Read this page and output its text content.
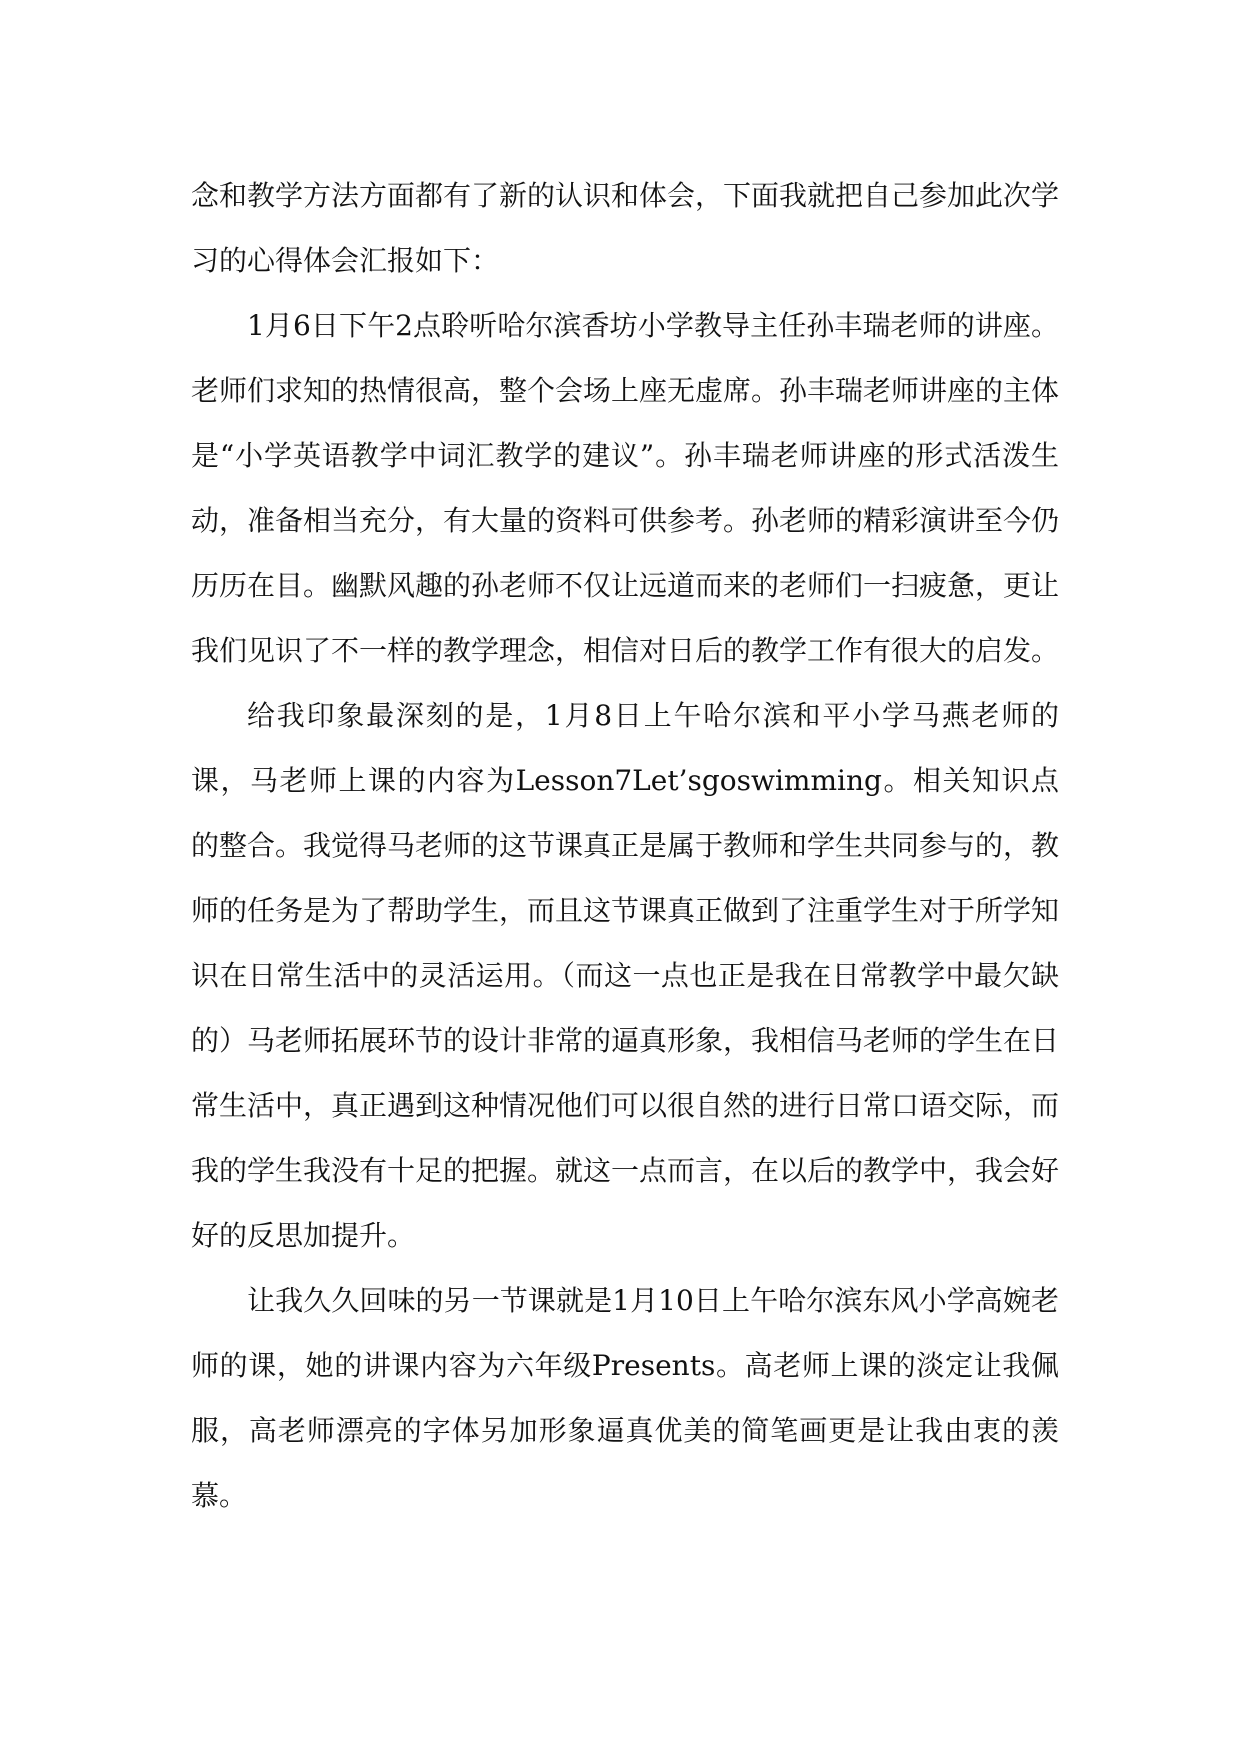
念和教学方法方面都有了新的认识和体会，下面我就把自己参加此次学习的心得体会汇报如下：

1月6日下午2点聆听哈尔滨香坊小学教导主任孙丰瑞老师的讲座。老师们求知的热情很高，整个会场上座无虚席。孙丰瑞老师讲座的主体是“小学英语教学中词汇教学的建议”。孙丰瑞老师讲座的形式活泼生动，准备相当充分，有大量的资料可供参考。孙老师的精彩演讲至今仍历历在目。幽默风趣的孙老师不仅让远道而来的老师们一扫疲惫，更让我们见识了不一样的教学理念，相信对日后的教学工作有很大的启发。

给我印象最深刻的是，1月8日上午哈尔滨和平小学马燕老师的课，马老师上课的内容为Lesson7Let’sgoswimming。相关知识点的整合。我觉得马老师的这节课真正是属于教师和学生共同参与的，教师的任务是为了帮助学生，而且这节课真正做到了注重学生对于所学知识在日常生活中的灵活运用。（而这一点也正是我在日常教学中最欠缺的）马老师拓展环节的设计非常的逼真形象，我相信马老师的学生在日常生活中，真正遇到这种情况他们可以很自然的进行日常口语交际，而我的学生我没有十足的把握。就这一点而言，在以后的教学中，我会好好的反思加提升。

让我久久回味的另一节课就是1月10日上午哈尔滨东风小学高婉老师的课，她的讲课内容为六年级Presents。高老师上课的淡定让我佩服，高老师漂亮的字体另加形象逼真优美的简笔画更是让我由衷的羡慕。
